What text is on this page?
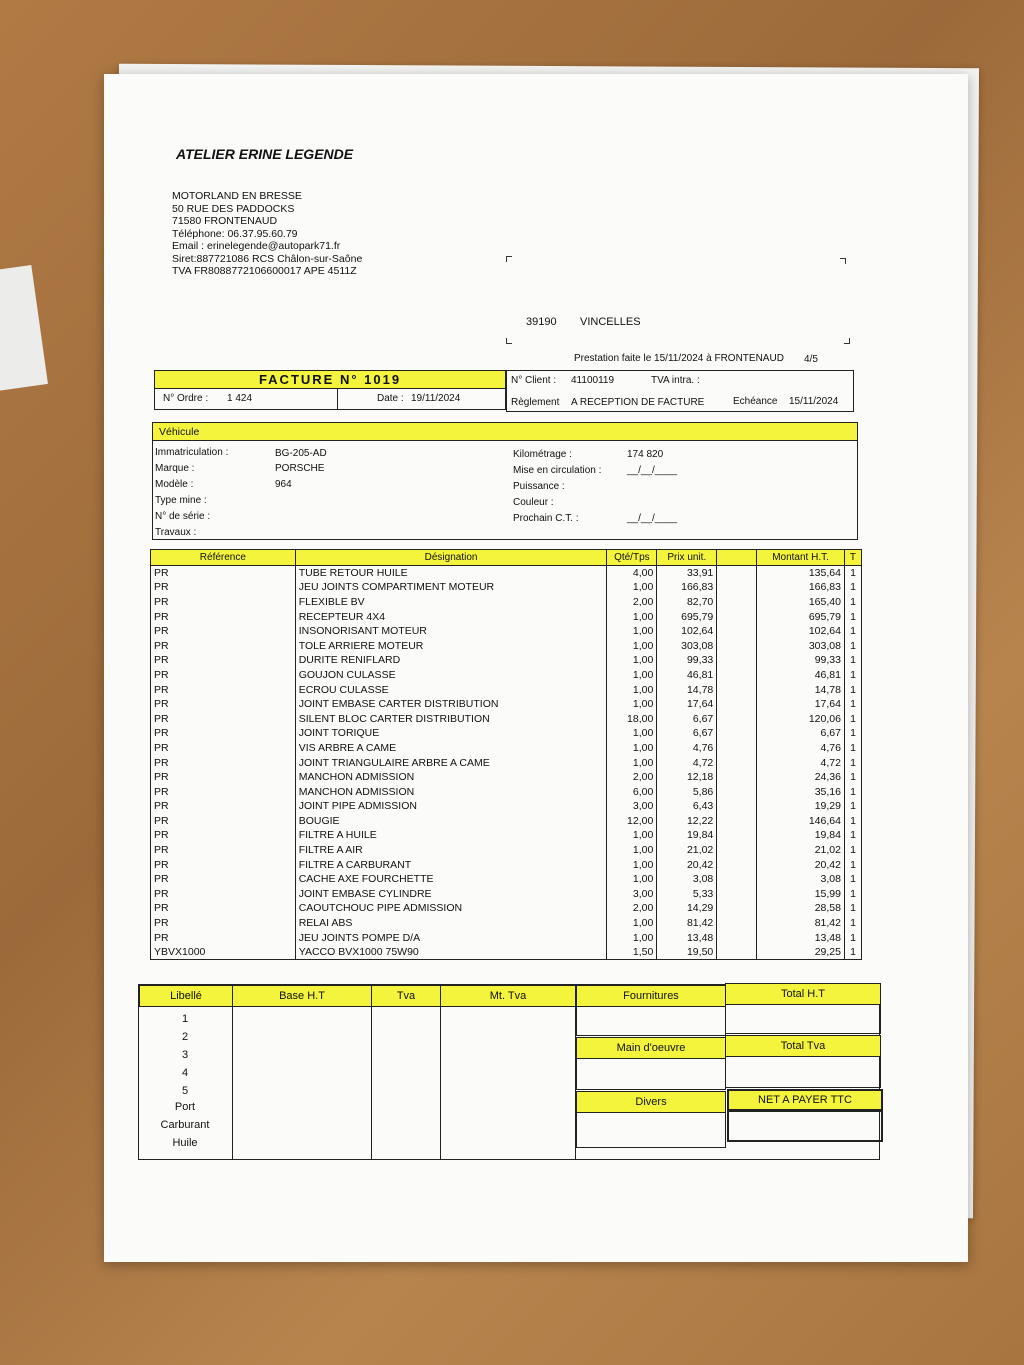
ATELIER ERINE LEGENDE
MOTORLAND EN BRESSE
50 RUE DES PADDOCKS
71580 FRONTENAUD
Téléphone: 06.37.95.60.79
Email : erinelegende@autopark71.fr
Siret:887721086 RCS Châlon-sur-Saône
TVA FR8088772106600017 APE 4511Z
39190 VINCELLES
Prestation faite le 15/11/2024 à FRONTENAUD 4/5
FACTURE N° 1019
N° Ordre : 1 424	Date : 19/11/2024
N° Client : 41100119	TVA intra. :
Règlement A RECEPTION DE FACTURE	Echéance 15/11/2024
Véhicule
Immatriculation :	BG-205-AD
Marque :	PORSCHE
Modèle :	964
Type mine :
N° de série :
Travaux :
Kilométrage :	174 820
Mise en circulation :	__/__/____
Puissance :
Couleur :
Prochain C.T. :	__/__/____
Référence	Désignation	Qté/Tps	Prix unit.		Montant H.T.	T
PR	TUBE RETOUR HUILE	4,00	33,91		135,64	1
PR	JEU JOINTS COMPARTIMENT MOTEUR	1,00	166,83		166,83	1
PR	FLEXIBLE BV	2,00	82,70		165,40	1
PR	RECEPTEUR 4X4	1,00	695,79		695,79	1
PR	INSONORISANT MOTEUR	1,00	102,64		102,64	1
PR	TOLE ARRIERE MOTEUR	1,00	303,08		303,08	1
PR	DURITE RENIFLARD	1,00	99,33		99,33	1
PR	GOUJON CULASSE	1,00	46,81		46,81	1
PR	ECROU CULASSE	1,00	14,78		14,78	1
PR	JOINT EMBASE CARTER DISTRIBUTION	1,00	17,64		17,64	1
PR	SILENT BLOC CARTER DISTRIBUTION	18,00	6,67		120,06	1
PR	JOINT TORIQUE	1,00	6,67		6,67	1
PR	VIS ARBRE A CAME	1,00	4,76		4,76	1
PR	JOINT TRIANGULAIRE ARBRE A CAME	1,00	4,72		4,72	1
PR	MANCHON ADMISSION	2,00	12,18		24,36	1
PR	MANCHON ADMISSION	6,00	5,86		35,16	1
PR	JOINT PIPE ADMISSION	3,00	6,43		19,29	1
PR	BOUGIE	12,00	12,22		146,64	1
PR	FILTRE A HUILE	1,00	19,84		19,84	1
PR	FILTRE A AIR	1,00	21,02		21,02	1
PR	FILTRE A CARBURANT	1,00	20,42		20,42	1
PR	CACHE AXE FOURCHETTE	1,00	3,08		3,08	1
PR	JOINT EMBASE CYLINDRE	3,00	5,33		15,99	1
PR	CAOUTCHOUC PIPE ADMISSION	2,00	14,29		28,58	1
PR	RELAI ABS	1,00	81,42		81,42	1
PR	JEU JOINTS POMPE D/A	1,00	13,48		13,48	1
YBVX1000	YACCO BVX1000 75W90	1,50	19,50		29,25	1
Libellé	Base H.T	Tva	Mt. Tva
1
2
3
4
5
Port
Carburant
Huile
Fournitures	Total H.T
Main d'oeuvre	Total Tva
Divers	NET A PAYER TTC
